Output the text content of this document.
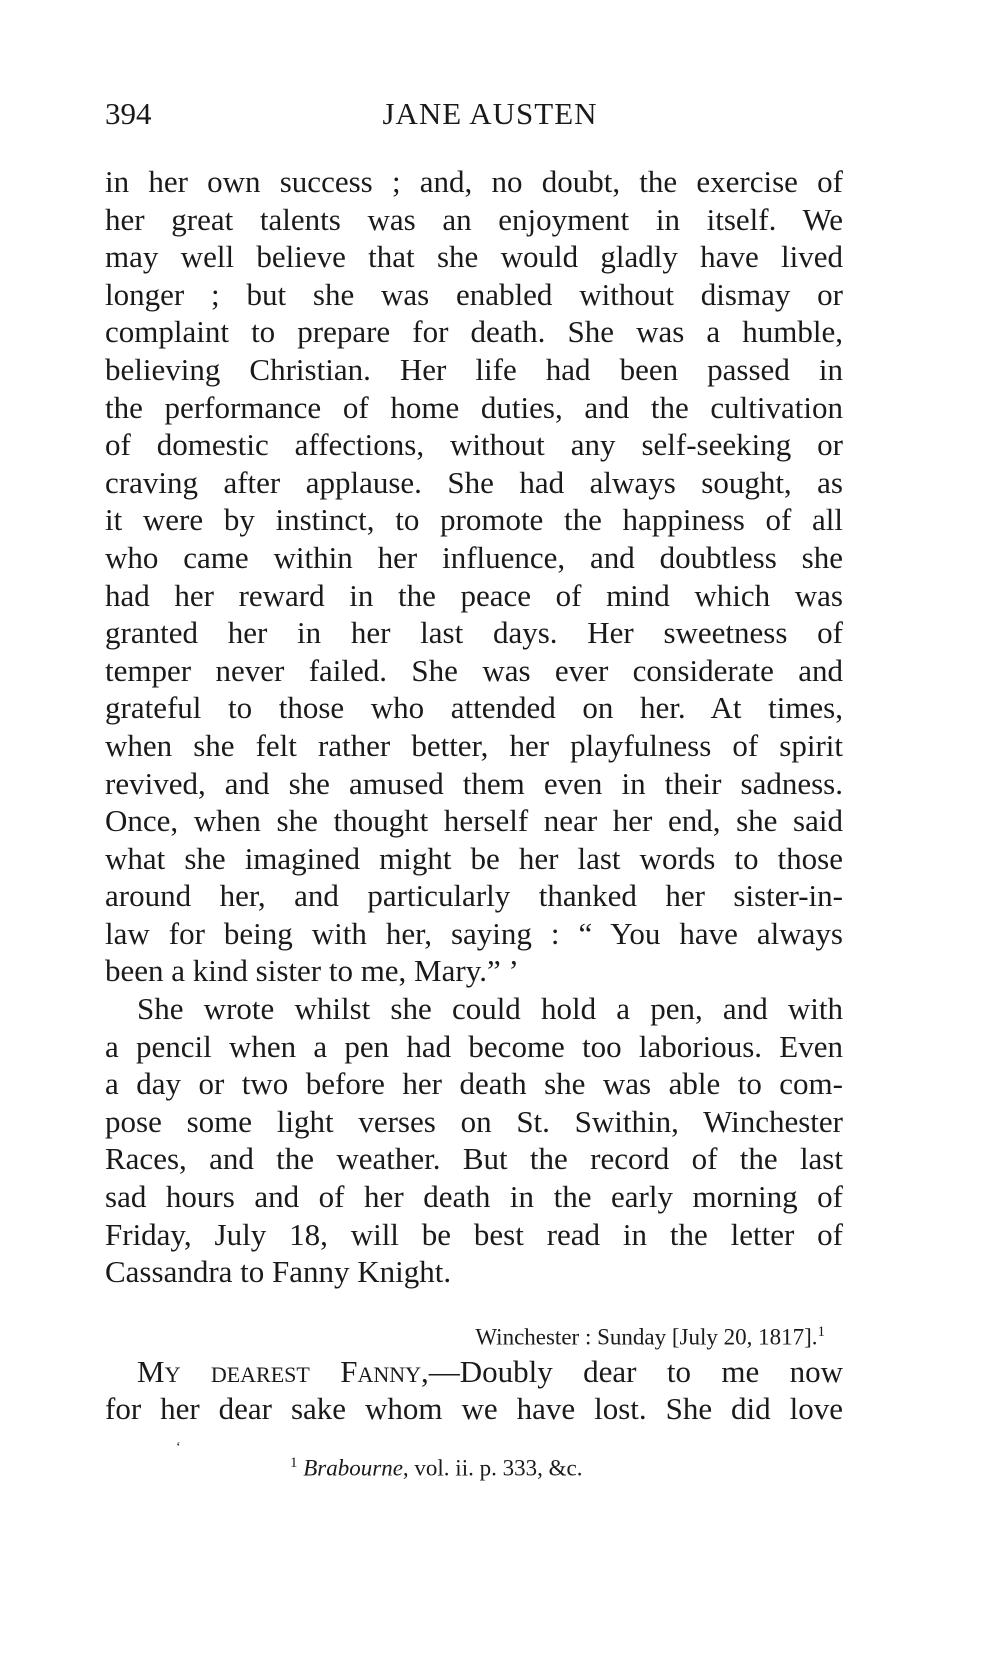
394	JANE AUSTEN
in her own success ; and, no doubt, the exercise of
her great talents was an enjoyment in itself. We
may well believe that she would gladly have lived
longer ; but she was enabled without dismay or
complaint to prepare for death. She was a humble,
believing Christian. Her life had been passed in
the performance of home duties, and the cultivation
of domestic affections, without any self-seeking or
craving after applause. She had always sought, as
it were by instinct, to promote the happiness of all
who came within her influence, and doubtless she
had her reward in the peace of mind which was
granted her in her last days. Her sweetness of
temper never failed. She was ever considerate and
grateful to those who attended on her. At times,
when she felt rather better, her playfulness of spirit
revived, and she amused them even in their sadness.
Once, when she thought herself near her end, she said
what she imagined might be her last words to those
around her, and particularly thanked her sister-in-
law for being with her, saying : “ You have always
been a kind sister to me, Mary.” ’
She wrote whilst she could hold a pen, and with
a pencil when a pen had become too laborious. Even
a day or two before her death she was able to com-
pose some light verses on St. Swithin, Winchester
Races, and the weather. But the record of the last
sad hours and of her death in the early morning of
Friday, July 18, will be best read in the letter of
Cassandra to Fanny Knight.
Winchester : Sunday [July 20, 1817].$^1$
My dearest Fanny,—Doubly dear to me now
for her dear sake whom we have lost. She did love
‘
$^1$ Brabourne, vol. ii. p. 333, &c.
